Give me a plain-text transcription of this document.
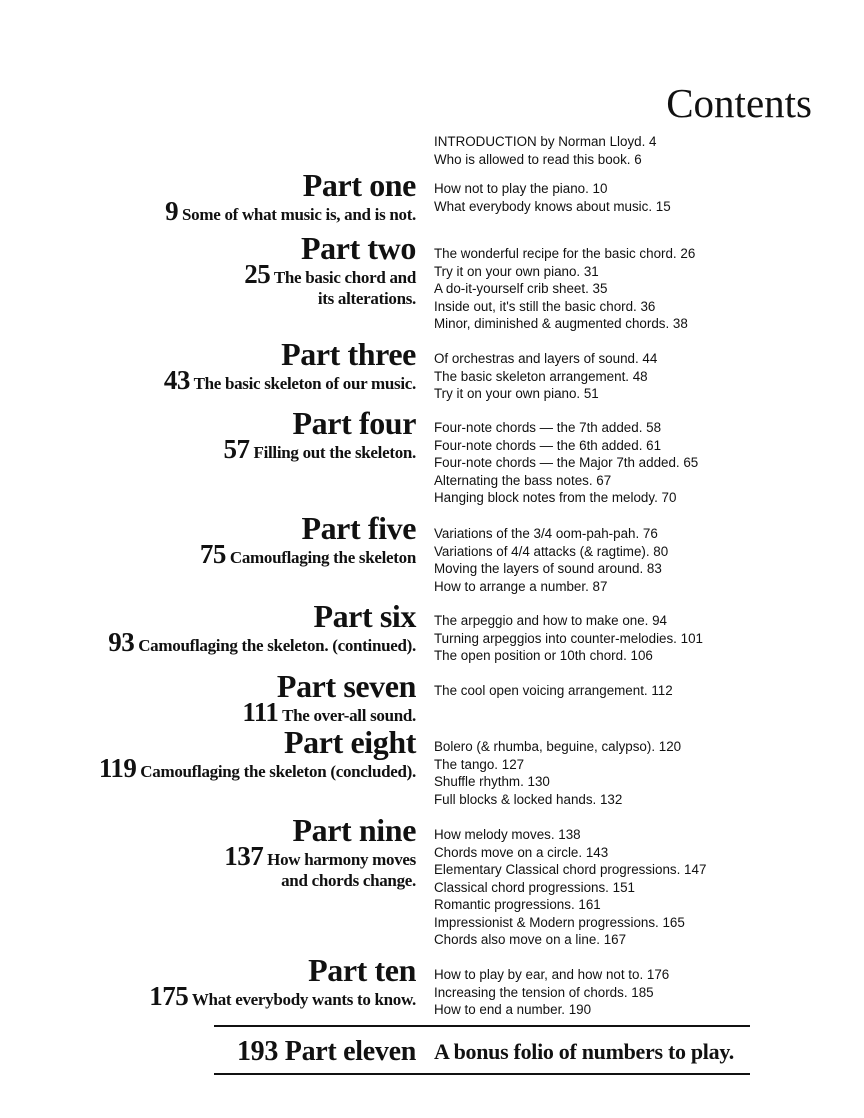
Contents
INTRODUCTION by Norman Lloyd. 4
Who is allowed to read this book. 6
Part one
9 Some of what music is, and is not.
How not to play the piano. 10
What everybody knows about music. 15
Part two
25 The basic chord and
its alterations.
The wonderful recipe for the basic chord. 26
Try it on your own piano. 31
A do-it-yourself crib sheet. 35
Inside out, it's still the basic chord. 36
Minor, diminished & augmented chords. 38
Part three
43 The basic skeleton of our music.
Of orchestras and layers of sound. 44
The basic skeleton arrangement. 48
Try it on your own piano. 51
Part four
57 Filling out the skeleton.
Four-note chords — the 7th added. 58
Four-note chords — the 6th added. 61
Four-note chords — the Major 7th added. 65
Alternating the bass notes. 67
Hanging block notes from the melody. 70
Part five
75 Camouflaging the skeleton
Variations of the 3/4 oom-pah-pah. 76
Variations of 4/4 attacks (& ragtime). 80
Moving the layers of sound around. 83
How to arrange a number. 87
Part six
93 Camouflaging the skeleton. (continued).
The arpeggio and how to make one. 94
Turning arpeggios into counter-melodies. 101
The open position or 10th chord. 106
Part seven
111 The over-all sound.
The cool open voicing arrangement. 112
Part eight
119 Camouflaging the skeleton (concluded).
Bolero (& rhumba, beguine, calypso). 120
The tango. 127
Shuffle rhythm. 130
Full blocks & locked hands. 132
Part nine
137 How harmony moves
and chords change.
How melody moves. 138
Chords move on a circle. 143
Elementary Classical chord progressions. 147
Classical chord progressions. 151
Romantic progressions. 161
Impressionist & Modern progressions. 165
Chords also move on a line. 167
Part ten
175 What everybody wants to know.
How to play by ear, and how not to. 176
Increasing the tension of chords. 185
How to end a number. 190
193 Part eleven A bonus folio of numbers to play.
